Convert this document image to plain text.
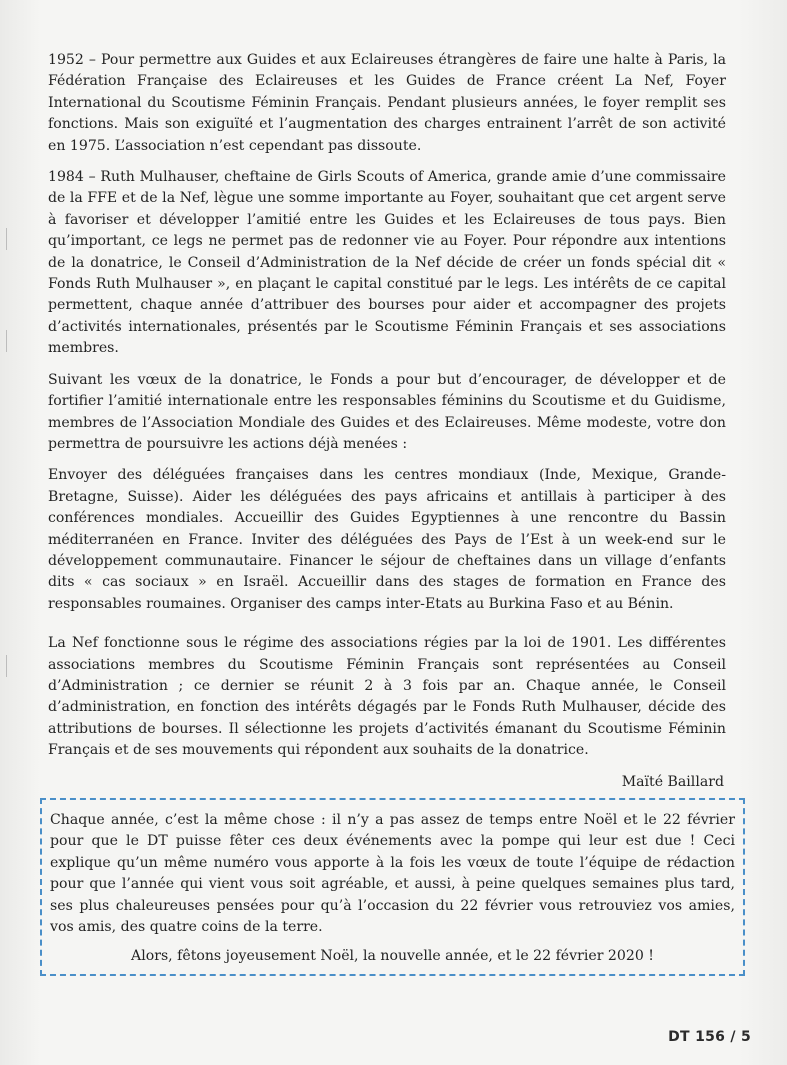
1952 – Pour permettre aux Guides et aux Eclaireuses étrangères de faire une halte à Paris, la Fédération Française des Eclaireuses et les Guides de France créent La Nef, Foyer International du Scoutisme Féminin Français. Pendant plusieurs années, le foyer remplit ses fonctions. Mais son exiguïté et l’augmentation des charges entrainent l’arrêt de son activité en 1975. L’association n’est cependant pas dissoute.

1984 – Ruth Mulhauser, cheftaine de Girls Scouts of America, grande amie d’une commissaire de la FFE et de la Nef, lègue une somme importante au Foyer, souhaitant que cet argent serve à favoriser et développer l’amitié entre les Guides et les Eclaireuses de tous pays. Bien qu’important, ce legs ne permet pas de redonner vie au Foyer. Pour répondre aux intentions de la donatrice, le Conseil d’Administration de la Nef décide de créer un fonds spécial dit « Fonds Ruth Mulhauser », en plaçant le capital constitué par le legs. Les intérêts de ce capital permettent, chaque année d’attribuer des bourses pour aider et accompagner des projets d’activités internationales, présentés par le Scoutisme Féminin Français et ses associations membres.

Suivant les vœux de la donatrice, le Fonds a pour but d’encourager, de développer et de fortifier l’amitié internationale entre les responsables féminins du Scoutisme et du Guidisme, membres de l’Association Mondiale des Guides et des Eclaireuses. Même modeste, votre don permettra de poursuivre les actions déjà menées :

Envoyer des déléguées françaises dans les centres mondiaux (Inde, Mexique, Grande-Bretagne, Suisse). Aider les déléguées des pays africains et antillais à participer à des conférences mondiales. Accueillir des Guides Egyptiennes à une rencontre du Bassin méditerranéen en France. Inviter des déléguées des Pays de l’Est à un week-end sur le développement communautaire. Financer le séjour de cheftaines dans un village d’enfants dits « cas sociaux » en Israël. Accueillir dans des stages de formation en France des responsables roumaines. Organiser des camps inter-Etats au Burkina Faso et au Bénin.

La Nef fonctionne sous le régime des associations régies par la loi de 1901. Les différentes associations membres du Scoutisme Féminin Français sont représentées au Conseil d’Administration ; ce dernier se réunit 2 à 3 fois par an. Chaque année, le Conseil d’administration, en fonction des intérêts dégagés par le Fonds Ruth Mulhauser, décide des attributions de bourses. Il sélectionne les projets d’activités émanant du Scoutisme Féminin Français et de ses mouvements qui répondent aux souhaits de la donatrice.

Maïté Baillard

Chaque année, c’est la même chose : il n’y a pas assez de temps entre Noël et le 22 février pour que le DT puisse fêter ces deux événements avec la pompe qui leur est due ! Ceci explique qu’un même numéro vous apporte à la fois les vœux de toute l’équipe de rédaction pour que l’année qui vient vous soit agréable, et aussi, à peine quelques semaines plus tard, ses plus chaleureuses pensées pour qu’à l’occasion du 22 février vous retrouviez vos amies, vos amis, des quatre coins de la terre.

Alors, fêtons joyeusement Noël, la nouvelle année, et le 22 février 2020 !

DT 156 / 5
